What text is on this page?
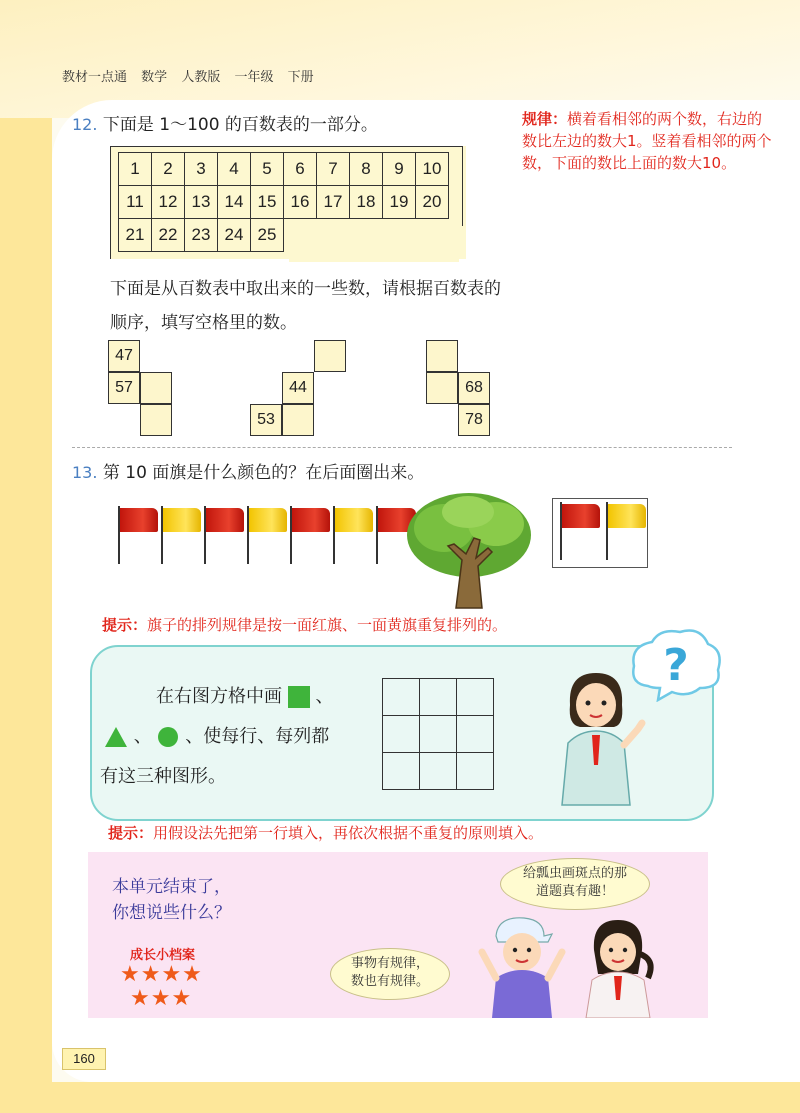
教材一点通 数学 人教版 一年级 下册
12. 下面是 1～100 的百数表的一部分。	规律：横着看相邻的两个数，右边的数比左边的数大1。竖着看相邻的两个数，下面的数比上面的数大10。
1	2	3	4	5	6	7	8	9	10
11	12	13	14	15	16	17	18	19	20
21	22	23	24	25					
下面是从百数表中取出来的一些数，请根据百数表的
顺序，填写空格里的数。
47
57	44
53
68
78
13. 第 10 面旗是什么颜色的？在后面圈出来。
提示：旗子的排列规律是按一面红旗、一面黄旗重复排列的。
在右图方格中画 、
、 、使每行、每列都
有这三种图形。

?
提示：用假设法先把第一行填入，再依次根据不重复的原则填入。
本单元结束了，
你想说些什么？
成长小档案
★★★★
★★★
事物有规律，数也有规律。
给瓢虫画斑点的那道题真有趣！
160
